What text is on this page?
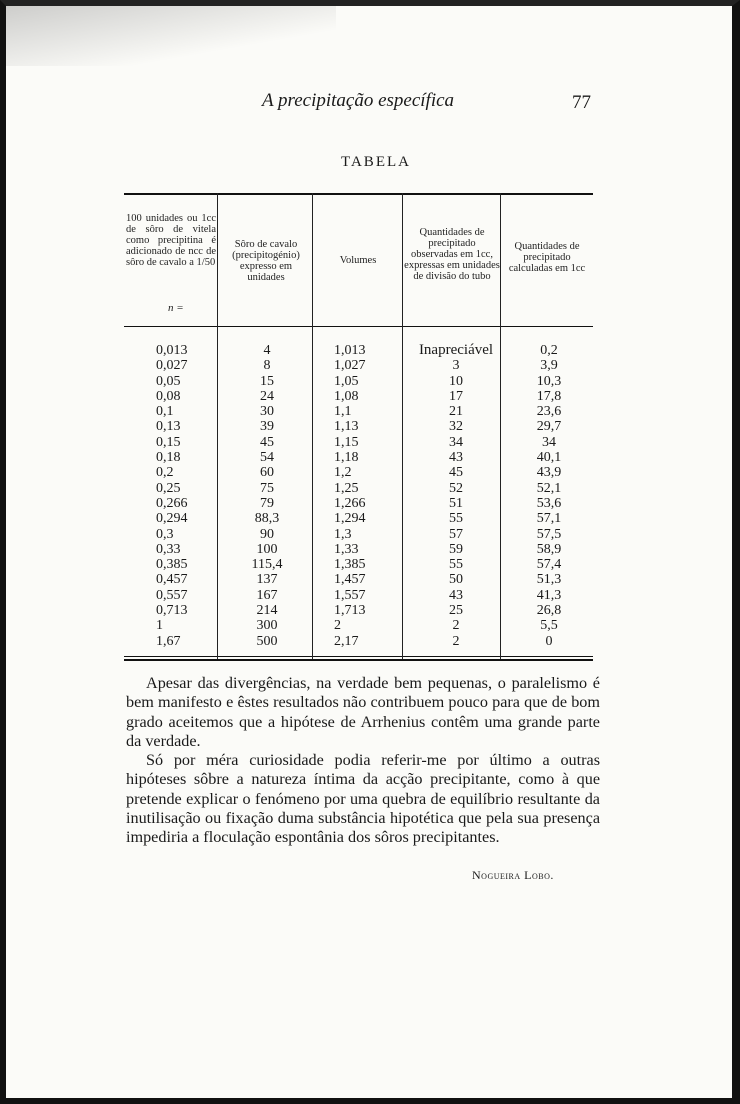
A precipitação específica	77
TABELA
100 unidades ou 1cc de sôro de vitela como precipitina é adicionado de ncc de sôro de cavalo a 1/50
n =
Sôro de cavalo (precipitogénio) expresso em unidades
Volumes
Quantidades de precipitado observadas em 1cc, expressas em unidades de divisão do tubo
Quantidades de precipitado calculadas em 1cc
0,013
0,027
0,05
0,08
0,1
0,13
0,15
0,18
0,2
0,25
0,266
0,294
0,3
0,33
0,385
0,457
0,557
0,713
1
1,67
4
8
15
24
30
39
45
54
60
75
79
88,3
90
100
115,4
137
167
214
300
500
1,013
1,027
1,05
1,08
1,1
1,13
1,15
1,18
1,2
1,25
1,266
1,294
1,3
1,33
1,385
1,457
1,557
1,713
2
2,17
Inapreciável
3
10
17
21
32
34
43
45
52
51
55
57
59
55
50
43
25
2
2
0,2
3,9
10,3
17,8
23,6
29,7
34
40,1
43,9
52,1
53,6
57,1
57,5
58,9
57,4
51,3
41,3
26,8
5,5
0

Apesar das divergências, na verdade bem pequenas, o paralelismo é bem manifesto e êstes resultados não contribuem pouco para que de bom grado aceitemos que a hipótese de Arrhenius contêm uma grande parte da verdade.

Só por méra curiosidade podia referir-me por último a outras hipóteses sôbre a natureza íntima da acção precipitante, como à que pretende explicar o fenómeno por uma quebra de equilíbrio resultante da inutilisação ou fixação duma substância hipotética que pela sua presença impediria a floculação espontânia dos sôros precipitantes.

Nogueira Lobo.
